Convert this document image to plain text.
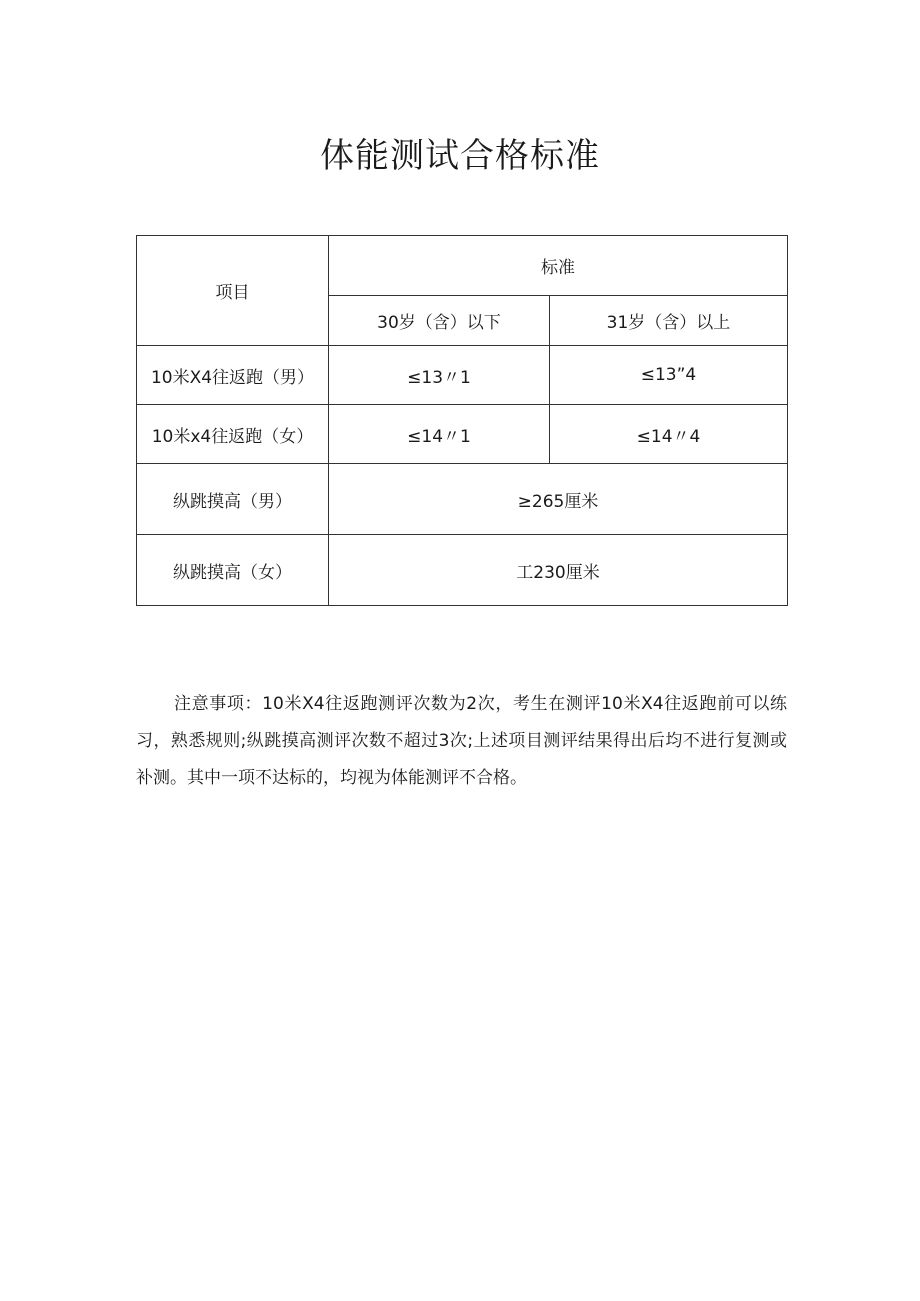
体能测试合格标准
项目	标准	
	30岁（含）以下	31岁（含）以上
10米X4往返跑（男）	≤13〃1	≤13”4
10米x4往返跑（女）	≤14〃1	≤14〃4
纵跳摸高（男）	≥265厘米	
纵跳摸高（女）	工230厘米	

注意事项：10米X4往返跑测评次数为2次，考生在测评10米X4往返跑前可以练习，熟悉规则;纵跳摸高测评次数不超过3次;上述项目测评结果得出后均不进行复测或补测。其中一项不达标的，均视为体能测评不合格。
